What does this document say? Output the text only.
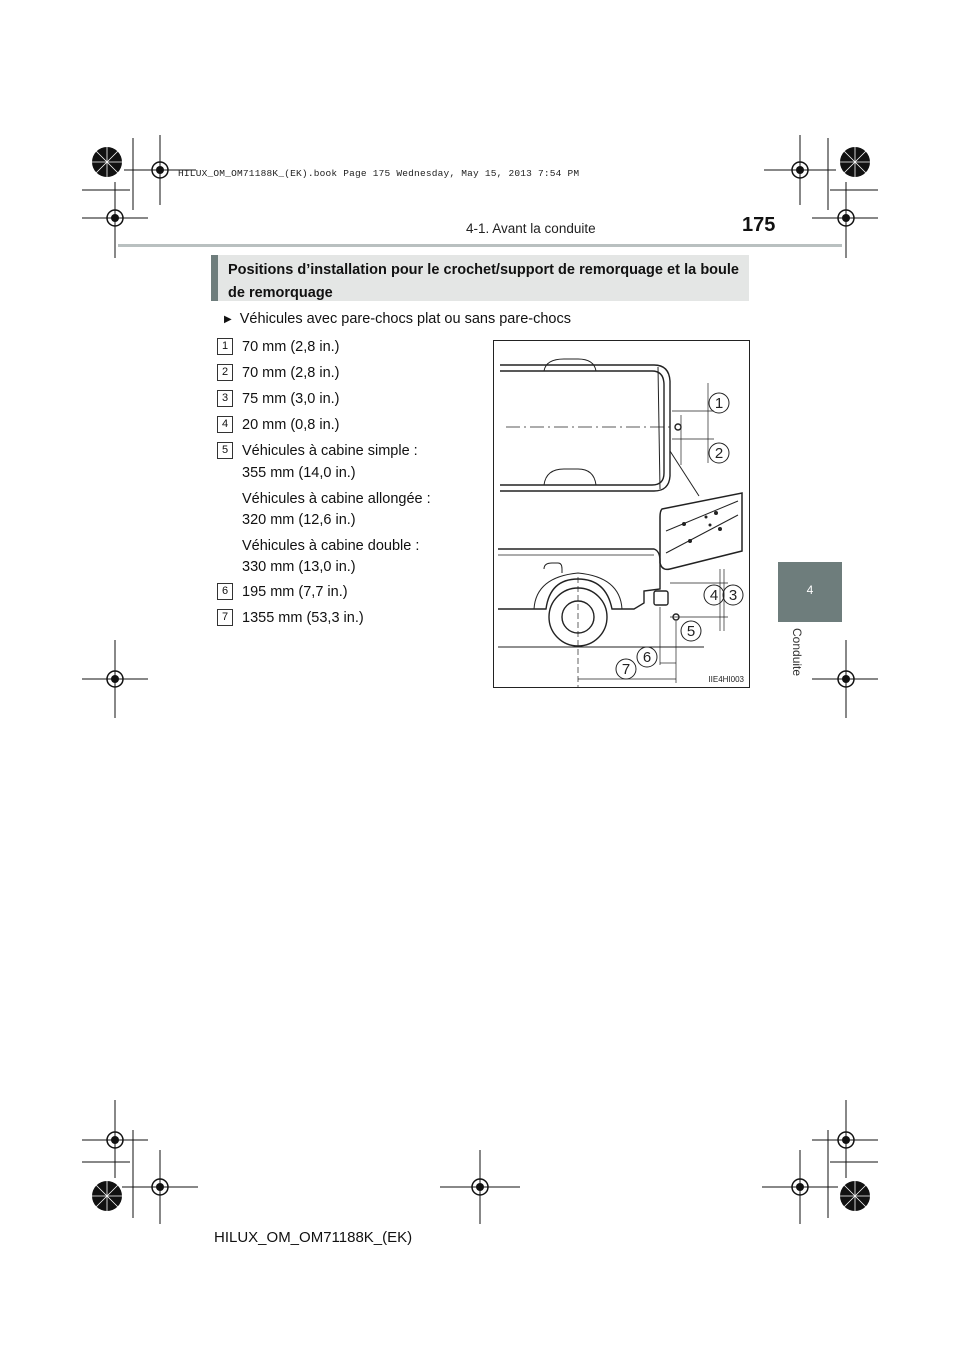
HILUX_OM_OM71188K_(EK).book Page 175 Wednesday, May 15, 2013 7:54 PM
4-1. Avant la conduite	175
4
Conduite
Positions d’installation pour le crochet/support de remorquage et la boule de remorquage
▶ Véhicules avec pare-chocs plat ou sans pare-chocs
1 70 mm (2,8 in.)
2 70 mm (2,8 in.)
3 75 mm (3,0 in.)
4 20 mm (0,8 in.)
5 Véhicules à cabine simple :
355 mm (14,0 in.)
Véhicules à cabine allongée :
320 mm (12,6 in.)
Véhicules à cabine double :
330 mm (13,0 in.)
6 195 mm (7,7 in.)
7 1355 mm (53,3 in.)
1
2
3
4
5
6
7
IIE4HI003
HILUX_OM_OM71188K_(EK)
